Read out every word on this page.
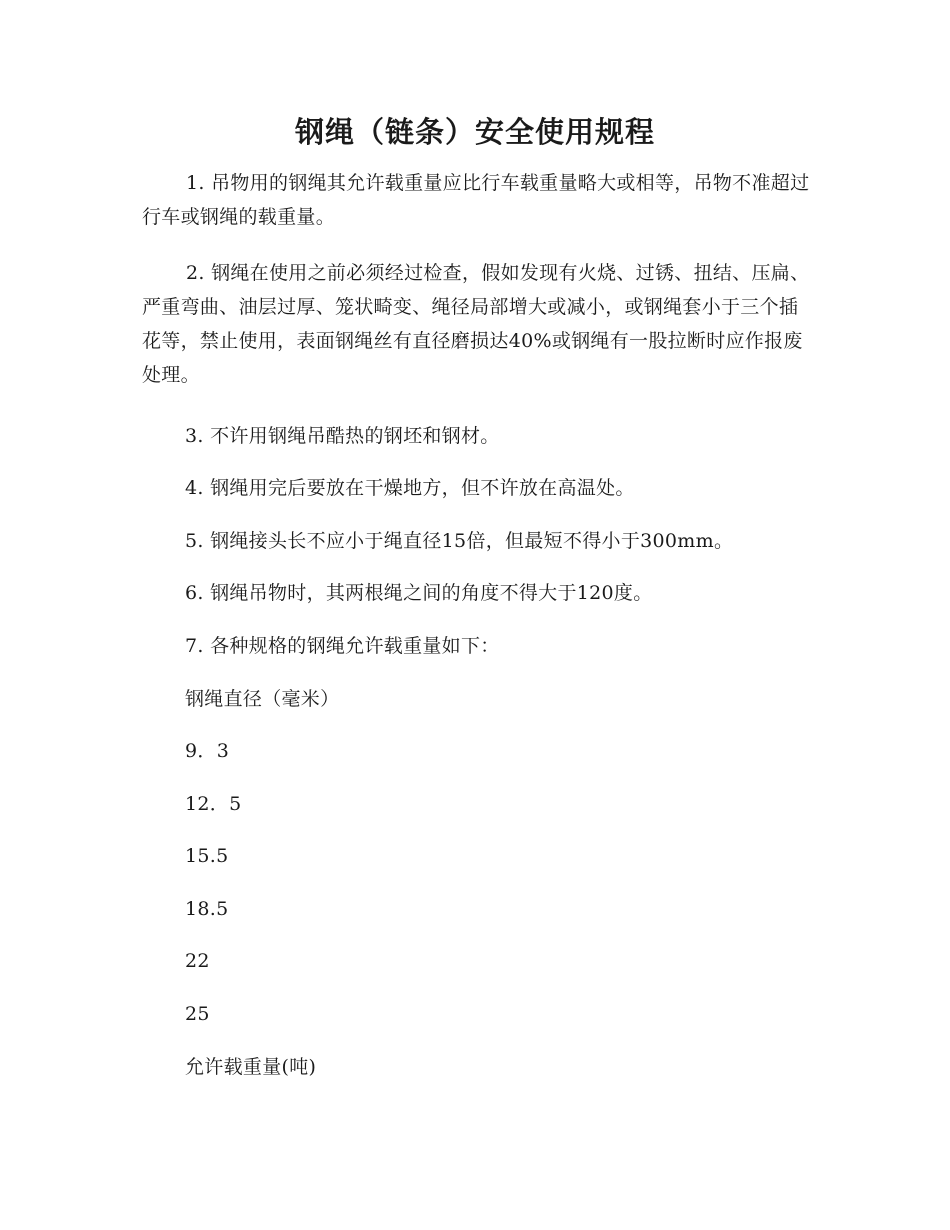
钢绳（链条）安全使用规程

1. 吊物用的钢绳其允许载重量应比行车载重量略大或相等，吊物不准超过行车或钢绳的载重量。

2. 钢绳在使用之前必须经过检查，假如发现有火烧、过锈、扭结、压扁、严重弯曲、油层过厚、笼状畸变、绳径局部增大或减小，或钢绳套小于三个插花等，禁止使用，表面钢绳丝有直径磨损达40%或钢绳有一股拉断时应作报废处理。

3. 不许用钢绳吊酷热的钢坯和钢材。
4. 钢绳用完后要放在干燥地方，但不许放在高温处。
5. 钢绳接头长不应小于绳直径15倍，但最短不得小于300mm。
6. 钢绳吊物时，其两根绳之间的角度不得大于120度。
7. 各种规格的钢绳允许载重量如下：
钢绳直径（毫米）
9．3
12．5
15.5
18.5
22
25
允许载重量(吨)
